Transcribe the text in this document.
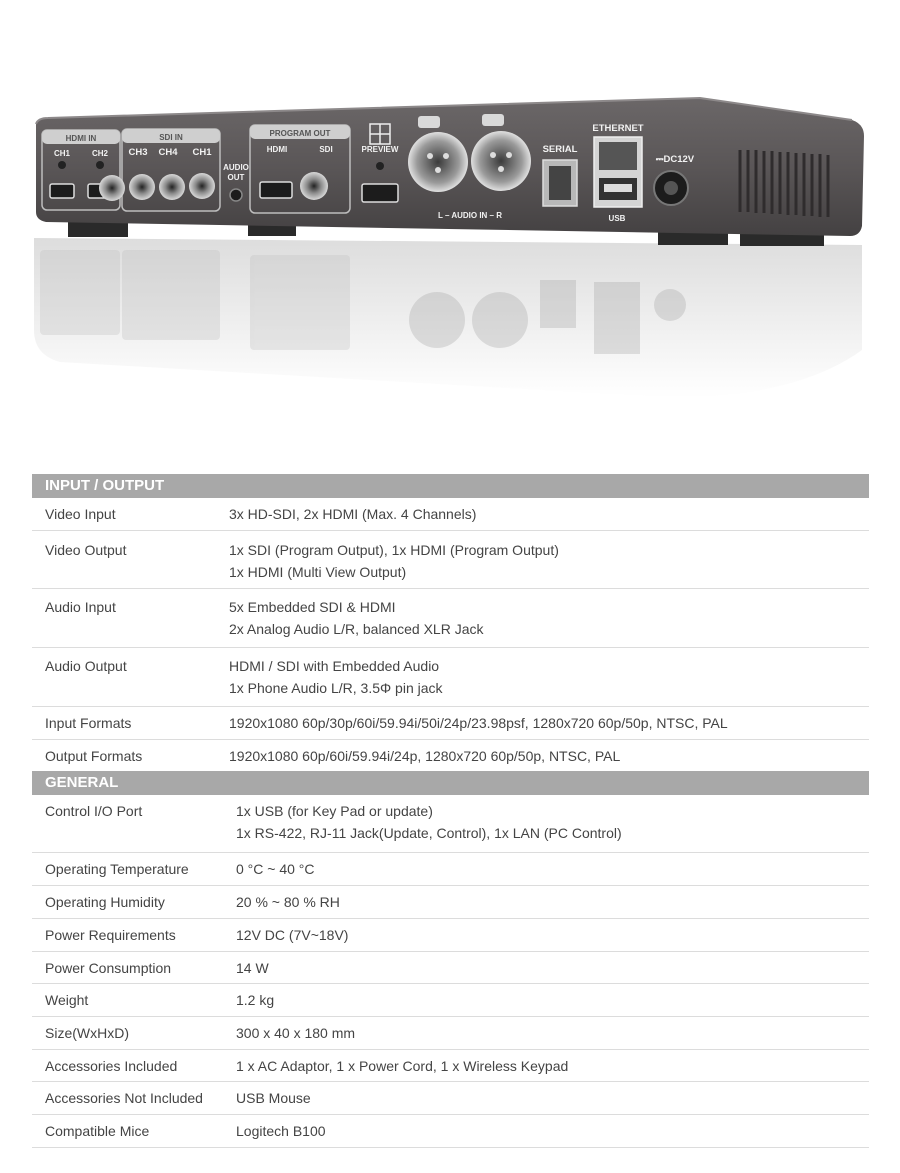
HDMI IN
CH1	CH2
SDI IN
CH3 CH4 CH1
AUDIO OUT
PROGRAM OUT
HDMI	SDI	PREVIEW
L – AUDIO IN – R
SERIAL
ETHERNET
USB
⎓DC12V
INPUT / OUTPUT
Video Input	3x HD-SDI, 2x HDMI (Max. 4 Channels)
Video Output	1x SDI (Program Output), 1x HDMI (Program Output)
1x HDMI (Multi View Output)
Audio Input	5x Embedded SDI & HDMI
2x Analog Audio L/R, balanced XLR Jack
Audio Output	HDMI / SDI with Embedded Audio
1x Phone Audio L/R, 3.5Φ pin jack
Input Formats	1920x1080 60p/30p/60i/59.94i/50i/24p/23.98psf, 1280x720 60p/50p, NTSC, PAL
Output Formats	1920x1080 60p/60i/59.94i/24p, 1280x720 60p/50p, NTSC, PAL
GENERAL
Control I/O Port	1x USB (for Key Pad or update)
1x RS-422, RJ-11 Jack(Update, Control), 1x LAN (PC Control)
Operating Temperature	0 °C ~ 40 °C
Operating Humidity	20 % ~ 80 % RH
Power Requirements	12V DC (7V~18V)
Power Consumption	14 W
Weight	1.2 kg
Size(WxHxD)	300 x 40 x 180 mm
Accessories Included	1 x AC Adaptor, 1 x Power Cord, 1 x Wireless Keypad
Accessories Not Included	USB Mouse
Compatible Mice	Logitech B100
